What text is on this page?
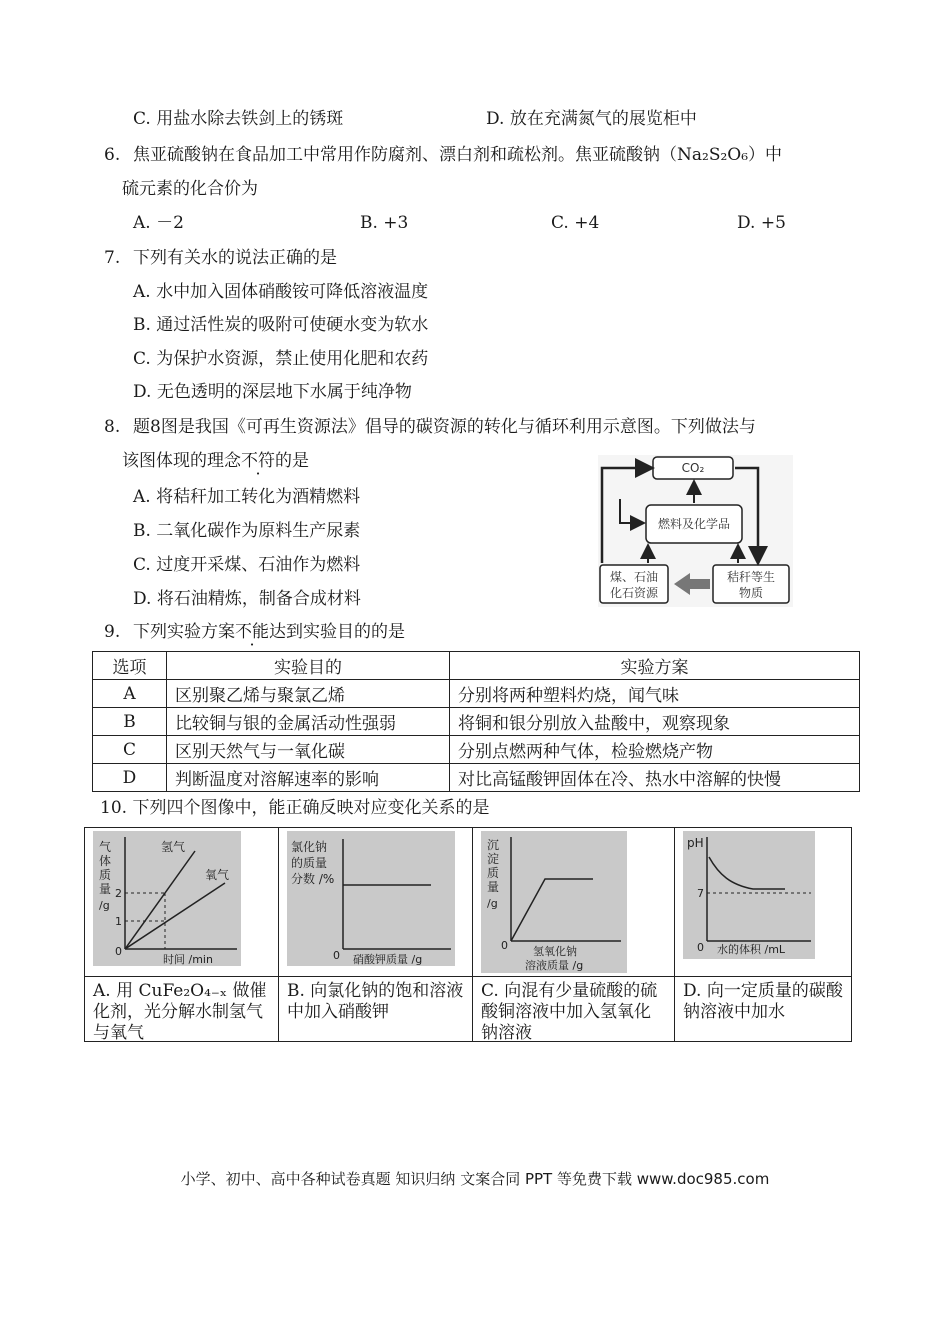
C. 用盐水除去铁剑上的锈斑	D. 放在充满氮气的展览柜中
6. 焦亚硫酸钠在食品加工中常用作防腐剂、漂白剂和疏松剂。焦亚硫酸钠（Na₂S₂O₆）中
硫元素的化合价为
A. －2	B. +3	C. +4	D. +5
7. 下列有关水的说法正确的是
A. 水中加入固体硝酸铵可降低溶液温度
B. 通过活性炭的吸附可使硬水变为软水
C. 为保护水资源，禁止使用化肥和农药
D. 无色透明的深层地下水属于纯净物
8. 题8图是我国《可再生资源法》倡导的碳资源的转化与循环利用示意图。下列做法与
该图体现的理念不符的是
A. 将秸秆加工转化为酒精燃料
B. 二氧化碳作为原料生产尿素
C. 过度开采煤、石油作为燃料
D. 将石油精炼，制备合成材料
CO₂
燃料及化学品
煤、石油
化石资源
秸秆等生
物质
9. 下列实验方案不能达到实验目的的是
选项	实验目的	实验方案
A	区别聚乙烯与聚氯乙烯	分别将两种塑料灼烧，闻气味
B	比较铜与银的金属活动性强弱	将铜和银分别放入盐酸中，观察现象
C	区别天然气与一氧化碳	分别点燃两种气体，检验燃烧产物
D	判断温度对溶解速率的影响	对比高锰酸钾固体在冷、热水中溶解的快慢
10. 下列四个图像中，能正确反映对应变化关系的是
气
体
质
量
/g
氢气
氧气
2
1
0
时间 /min
氯化钠
的质量
分数 /%
0 硝酸钾质量 /g
沉
淀
质
量
/g
0 氢氧化钠
溶液质量 /g
pH
7
0 水的体积 /mL
A. 用 CuFe₂O₄₋ₓ 做催化剂，光分解水制氢气与氧气
B. 向氯化钠的饱和溶液中加入硝酸钾
C. 向混有少量硫酸的硫酸铜溶液中加入氢氧化钠溶液
D. 向一定质量的碳酸钠溶液中加水
小学、初中、高中各种试卷真题 知识归纳 文案合同 PPT 等免费下载 www.doc985.com
